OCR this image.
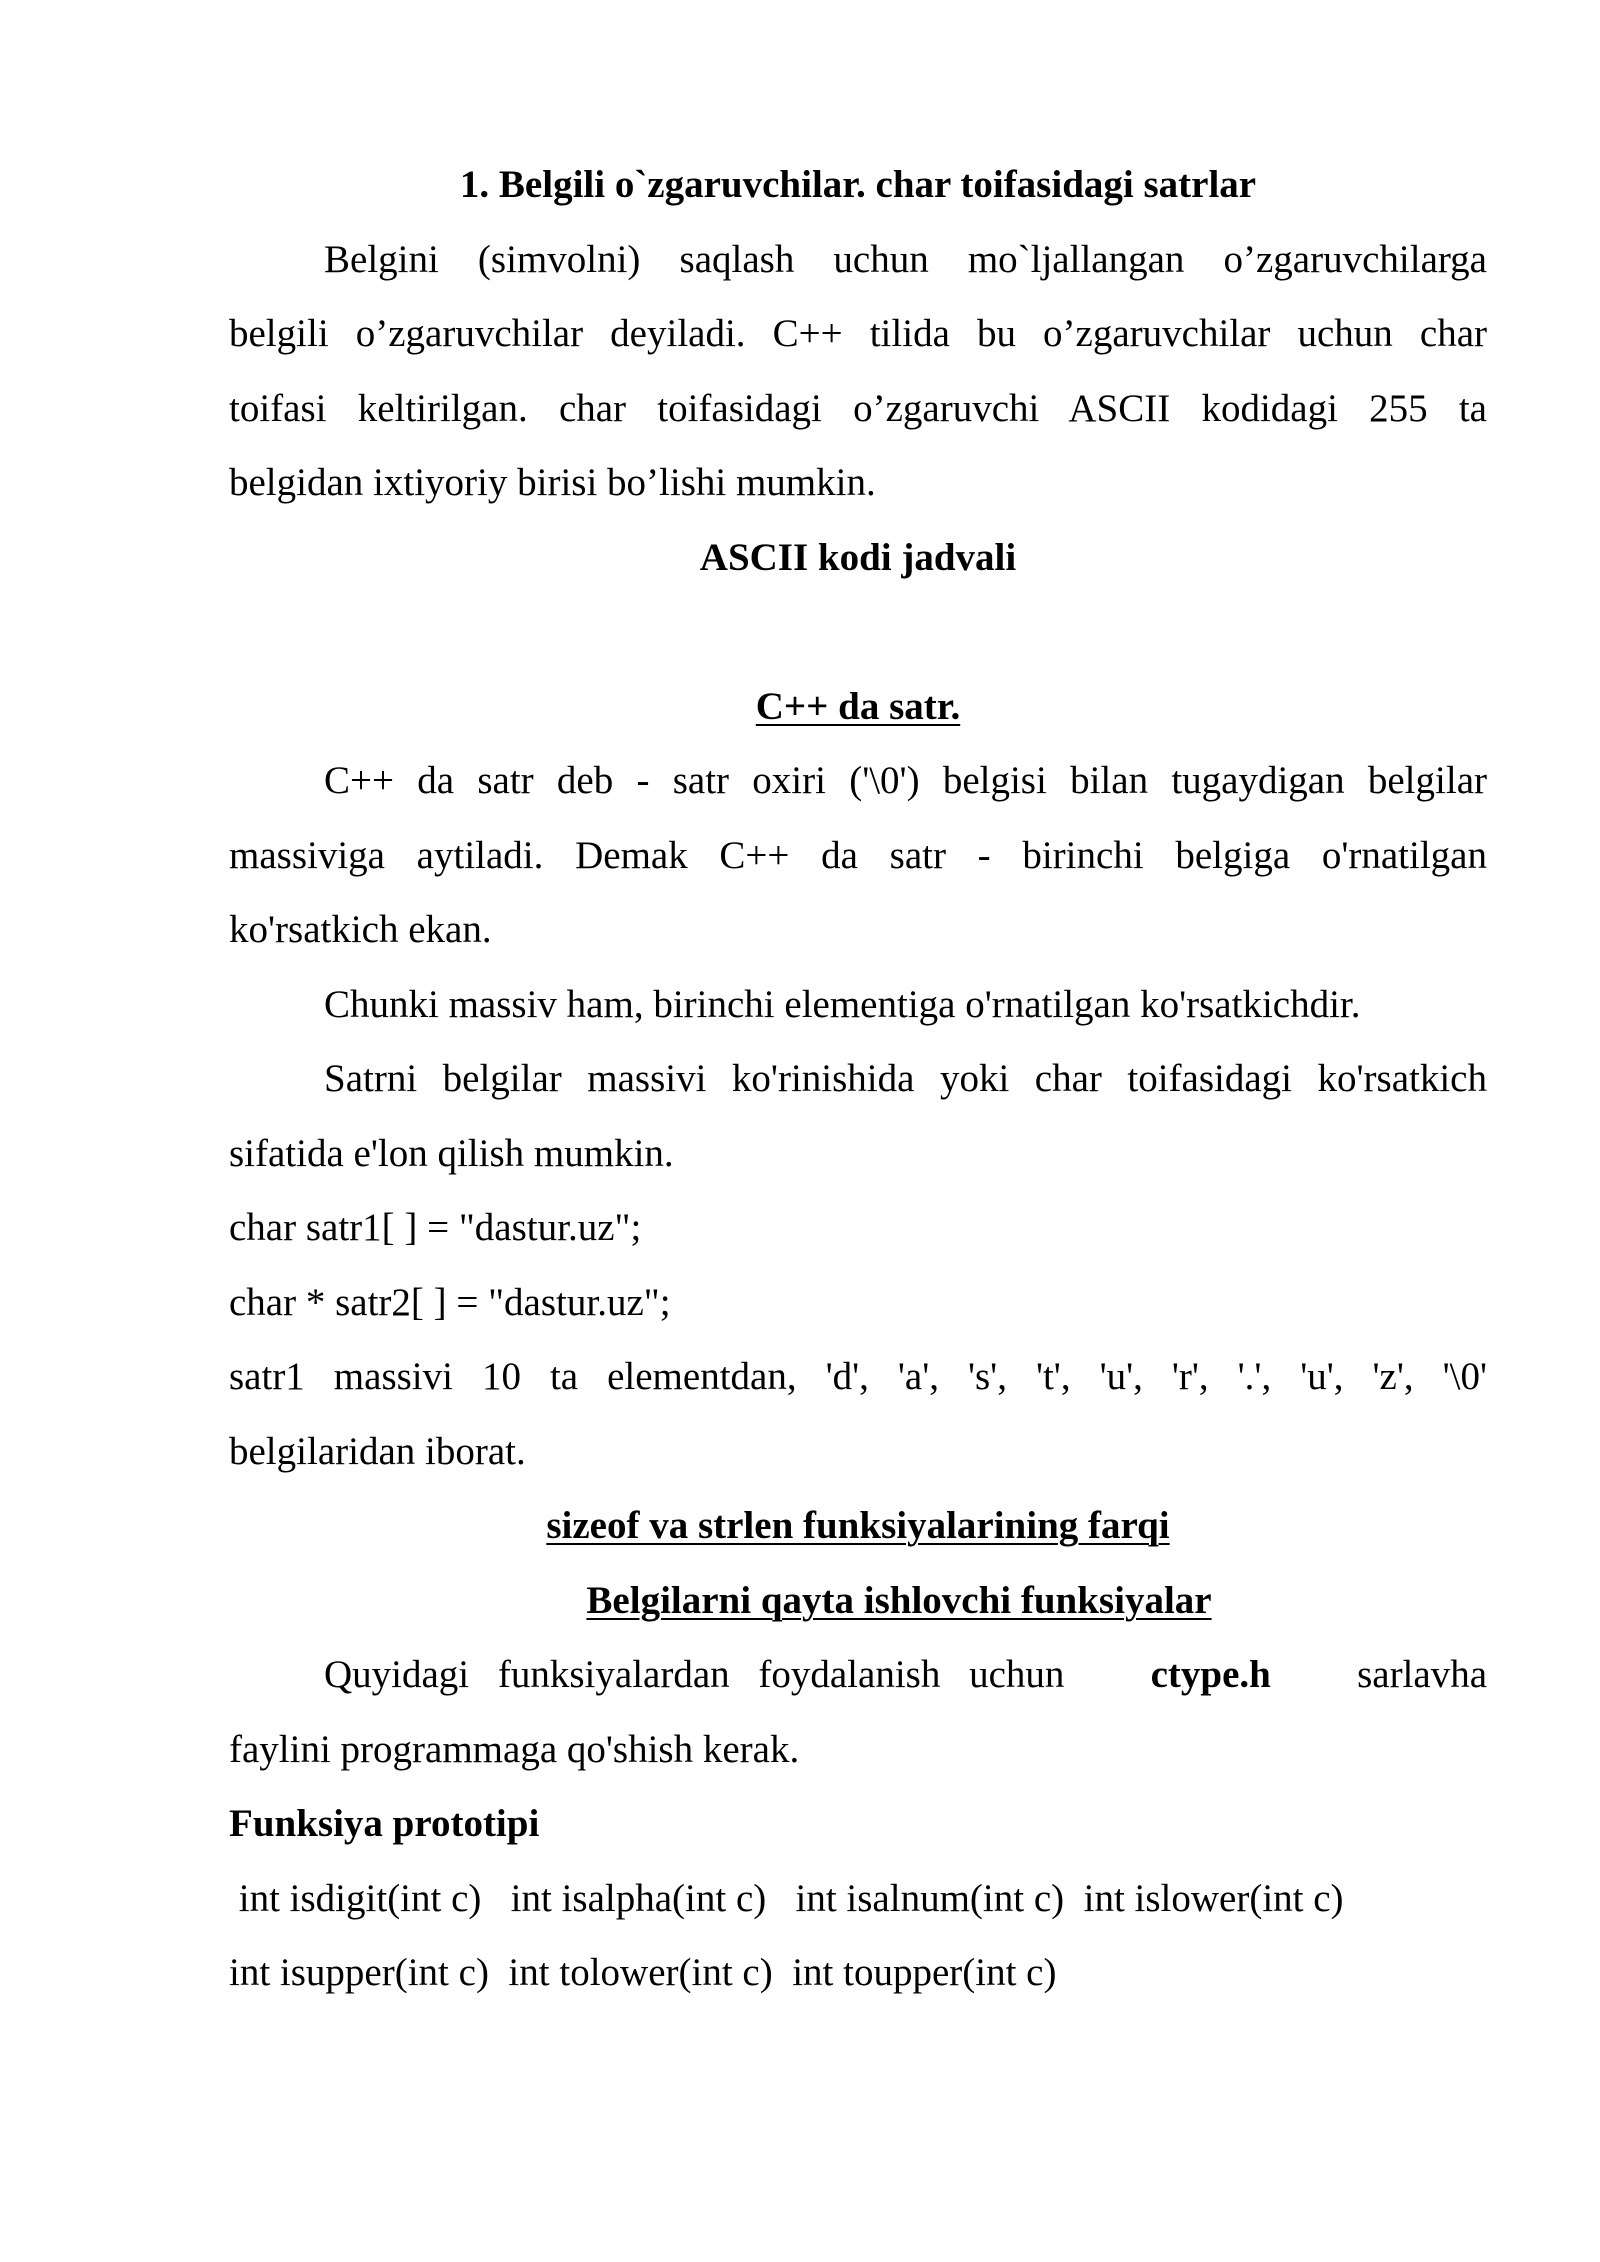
1. Belgili o`zgaruvchilar. char toifasidagi satrlar
Belgini (simvolni) saqlash uchun mo`ljallangan o’zgaruvchilarga
belgili o’zgaruvchilar deyiladi. C++ tilida bu o’zgaruvchilar uchun char
toifasi keltirilgan. char toifasidagi o’zgaruvchi ASCII kodidagi 255 ta
belgidan ixtiyoriy birisi bo’lishi mumkin.
ASCII kodi jadvali
C++ da satr.
C++ da satr deb - satr oxiri ('\0') belgisi bilan tugaydigan belgilar
massiviga aytiladi. Demak C++ da satr - birinchi belgiga o'rnatilgan
ko'rsatkich ekan.
Chunki massiv ham, birinchi elementiga o'rnatilgan ko'rsatkichdir.
Satrni belgilar massivi ko'rinishida yoki char toifasidagi ko'rsatkich
sifatida e'lon qilish mumkin.
char satr1[ ] = "dastur.uz";
char * satr2[ ] = "dastur.uz";
satr1 massivi 10 ta elementdan, 'd', 'a', 's', 't', 'u', 'r', '.', 'u', 'z', '\0'
belgilaridan iborat.
sizeof va strlen funksiyalarining farqi
Belgilarni qayta ishlovchi funksiyalar
Quyidagi funksiyalardan foydalanish uchun ctype.h sarlavha
faylini programmaga qo'shish kerak.
Funksiya prototipi
int isdigit(int c)   int isalpha(int c)   int isalnum(int c)  int islower(int c)
int isupper(int c)  int tolower(int c)  int toupper(int c)
